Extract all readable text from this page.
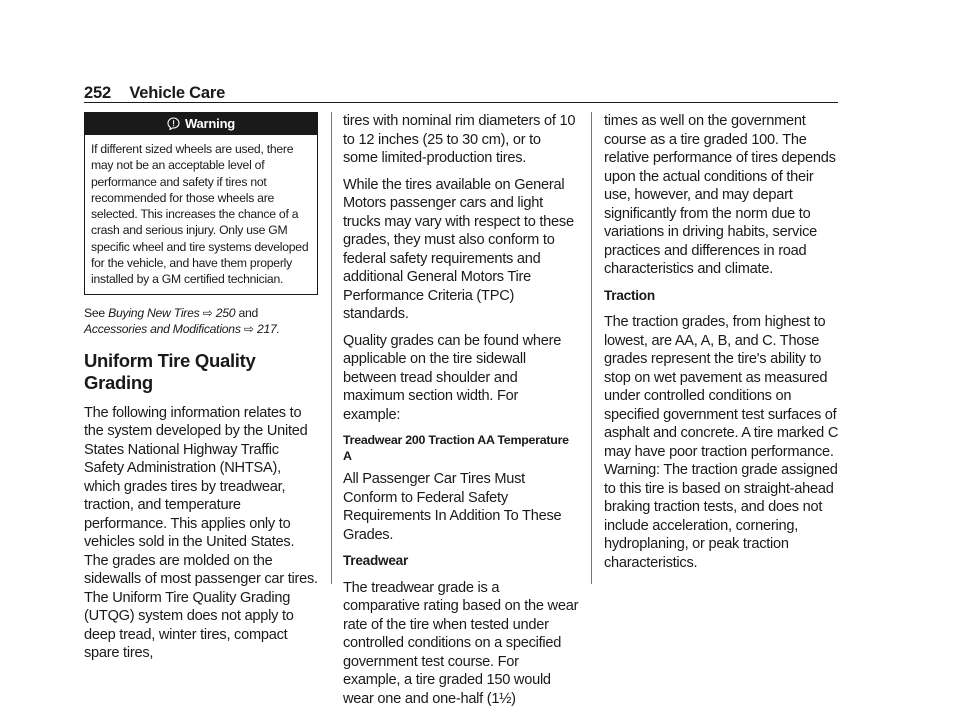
252 Vehicle Care
Warning
If different sized wheels are used, there may not be an acceptable level of performance and safety if tires not recommended for those wheels are selected. This increases the chance of a crash and serious injury. Only use GM specific wheel and tire systems developed for the vehicle, and have them properly installed by a GM certified technician.
See Buying New Tires ⇨ 250 and
Accessories and Modifications ⇨ 217.
Uniform Tire Quality Grading

The following information relates to the system developed by the United States National Highway Traffic Safety Administration (NHTSA), which grades tires by treadwear, traction, and temperature performance. This applies only to vehicles sold in the United States. The grades are molded on the sidewalls of most passenger car tires. The Uniform Tire Quality Grading (UTQG) system does not apply to deep tread, winter tires, compact spare tires,

tires with nominal rim diameters of 10 to 12 inches (25 to 30 cm), or to some limited-production tires.

While the tires available on General Motors passenger cars and light trucks may vary with respect to these grades, they must also conform to federal safety requirements and additional General Motors Tire Performance Criteria (TPC) standards.

Quality grades can be found where applicable on the tire sidewall between tread shoulder and maximum section width. For example:

Treadwear 200 Traction AA Temperature A

All Passenger Car Tires Must Conform to Federal Safety Requirements In Addition To These Grades.

Treadwear

The treadwear grade is a comparative rating based on the wear rate of the tire when tested under controlled conditions on a specified government test course. For example, a tire graded 150 would wear one and one-half (1½)

times as well on the government course as a tire graded 100. The relative performance of tires depends upon the actual conditions of their use, however, and may depart significantly from the norm due to variations in driving habits, service practices and differences in road characteristics and climate.

Traction

The traction grades, from highest to lowest, are AA, A, B, and C. Those grades represent the tire's ability to stop on wet pavement as measured under controlled conditions on specified government test surfaces of asphalt and concrete. A tire marked C may have poor traction performance. Warning: The traction grade assigned to this tire is based on straight-ahead braking traction tests, and does not include acceleration, cornering, hydroplaning, or peak traction characteristics.
